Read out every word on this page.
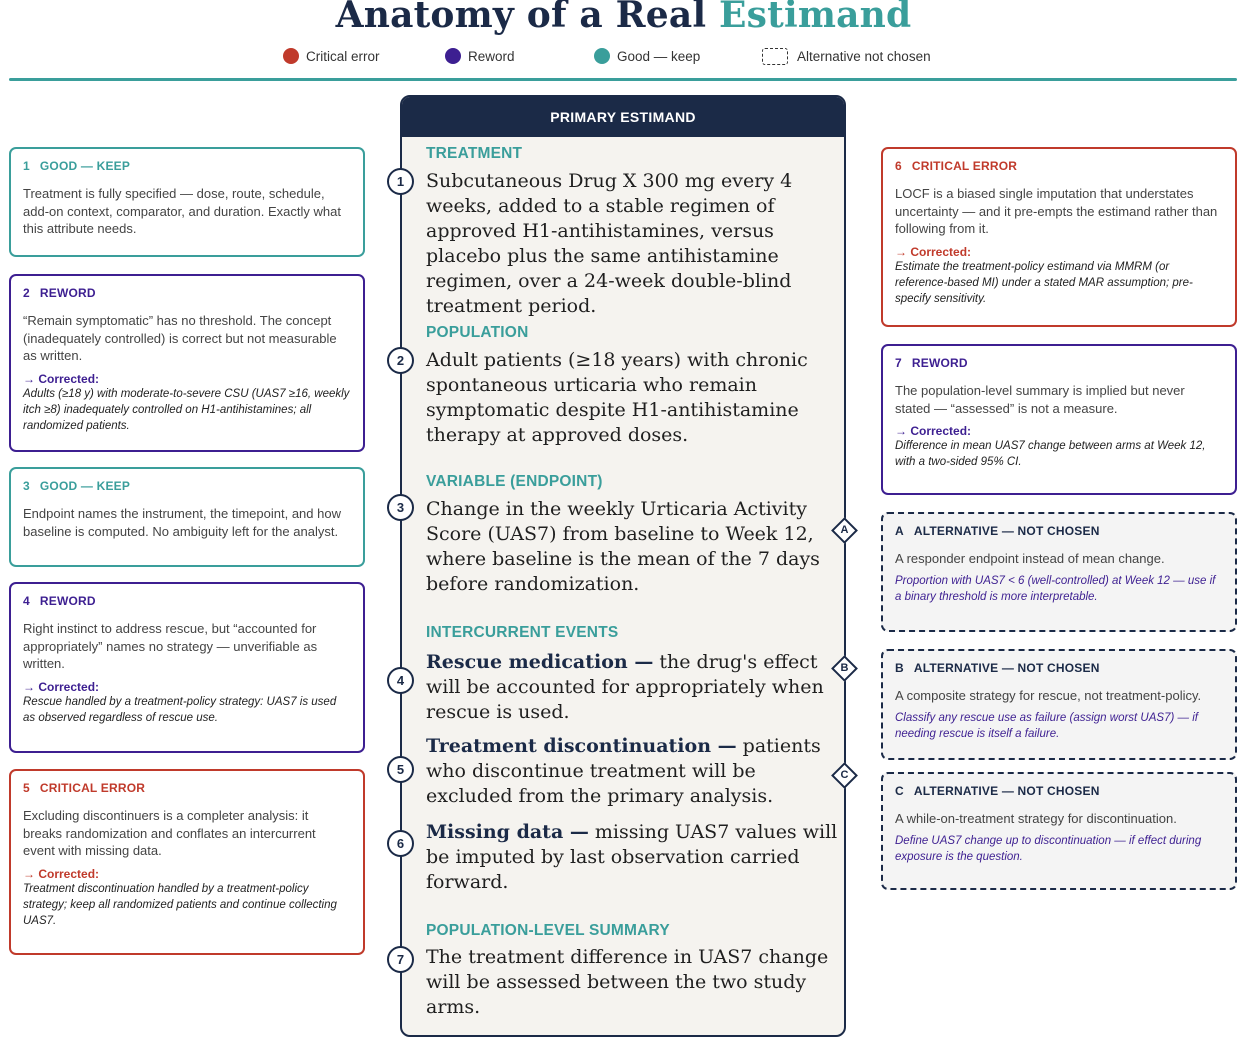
Anatomy of a Real Estimand
Critical error	Reword	Good — keep	Alternative not chosen
PRIMARY ESTIMAND
TREATMENT
Subcutaneous Drug X 300 mg every 4 weeks, added to a stable regimen of approved H1-antihistamines, versus placebo plus the same antihistamine regimen, over a 24-week double-blind treatment period.
POPULATION
Adult patients (≥18 years) with chronic spontaneous urticaria who remain symptomatic despite H1-antihistamine therapy at approved doses.
VARIABLE (ENDPOINT)
Change in the weekly Urticaria Activity Score (UAS7) from baseline to Week 12, where baseline is the mean of the 7 days before randomization.
INTERCURRENT EVENTS
Rescue medication — the drug's effect will be accounted for appropriately when rescue is used.
Treatment discontinuation — patients who discontinue treatment will be excluded from the primary analysis.
Missing data — missing UAS7 values will be imputed by last observation carried forward.
POPULATION-LEVEL SUMMARY
The treatment difference in UAS7 change will be assessed between the two study arms.
1
2
3
4
5
6
7
A
B
C
1 GOOD — KEEP
Treatment is fully specified — dose, route, schedule, add-on context, comparator, and duration. Exactly what this attribute needs.
2 REWORD
“Remain symptomatic” has no threshold. The concept (inadequately controlled) is correct but not measurable as written.
→ Corrected:
Adults (≥18 y) with moderate-to-severe CSU (UAS7 ≥16, weekly itch ≥8) inadequately controlled on H1-antihistamines; all randomized patients.
3 GOOD — KEEP
Endpoint names the instrument, the timepoint, and how baseline is computed. No ambiguity left for the analyst.
4 REWORD
Right instinct to address rescue, but “accounted for appropriately” names no strategy — unverifiable as written.
→ Corrected:
Rescue handled by a treatment-policy strategy: UAS7 is used as observed regardless of rescue use.
5 CRITICAL ERROR
Excluding discontinuers is a completer analysis: it breaks randomization and conflates an intercurrent event with missing data.
→ Corrected:
Treatment discontinuation handled by a treatment-policy strategy; keep all randomized patients and continue collecting UAS7.
6 CRITICAL ERROR
LOCF is a biased single imputation that understates uncertainty — and it pre-empts the estimand rather than following from it.
→ Corrected:
Estimate the treatment-policy estimand via MMRM (or reference-based MI) under a stated MAR assumption; pre-specify sensitivity.
7 REWORD
The population-level summary is implied but never stated — “assessed” is not a measure.
→ Corrected:
Difference in mean UAS7 change between arms at Week 12, with a two-sided 95% CI.
A ALTERNATIVE — NOT CHOSEN
A responder endpoint instead of mean change.
Proportion with UAS7 < 6 (well-controlled) at Week 12 — use if a binary threshold is more interpretable.
B ALTERNATIVE — NOT CHOSEN
A composite strategy for rescue, not treatment-policy.
Classify any rescue use as failure (assign worst UAS7) — if needing rescue is itself a failure.
C ALTERNATIVE — NOT CHOSEN
A while-on-treatment strategy for discontinuation.
Define UAS7 change up to discontinuation — if effect during exposure is the question.
